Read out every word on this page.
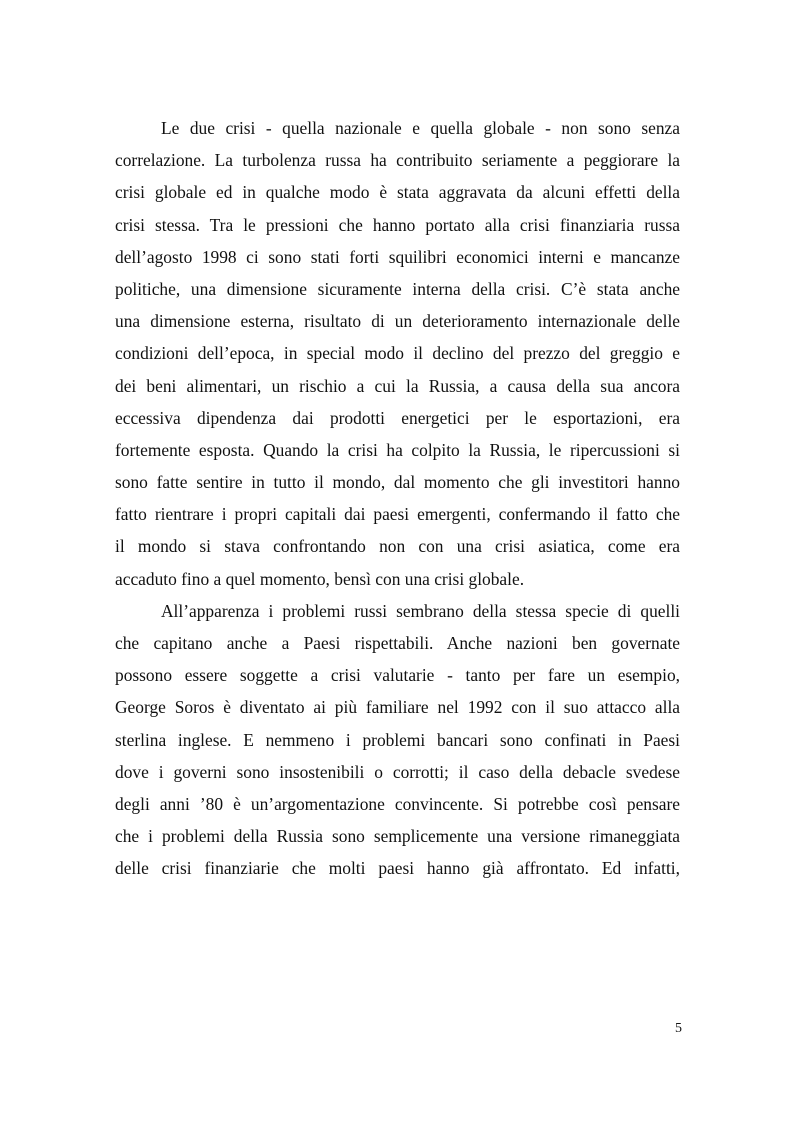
Le due crisi - quella nazionale e quella globale - non sono senza
correlazione. La turbolenza russa ha contribuito seriamente a peggiorare la
crisi globale ed in qualche modo è stata aggravata da alcuni effetti della
crisi stessa. Tra le pressioni che hanno portato alla crisi finanziaria russa
dell’agosto 1998 ci sono stati forti squilibri economici interni e mancanze
politiche, una dimensione sicuramente interna della crisi. C’è stata anche
una dimensione esterna, risultato di un deterioramento internazionale delle
condizioni dell’epoca, in special modo il declino del prezzo del greggio e
dei beni alimentari, un rischio a cui la Russia, a causa della sua ancora
eccessiva dipendenza dai prodotti energetici per le esportazioni, era
fortemente esposta. Quando la crisi ha colpito la Russia, le ripercussioni si
sono fatte sentire in tutto il mondo, dal momento che gli investitori hanno
fatto rientrare i propri capitali dai paesi emergenti, confermando il fatto che
il mondo si stava confrontando non con una crisi asiatica, come era
accaduto fino a quel momento, bensì con una crisi globale.
All’apparenza i problemi russi sembrano della stessa specie di quelli
che capitano anche a Paesi rispettabili. Anche nazioni ben governate
possono essere soggette a crisi valutarie - tanto per fare un esempio,
George Soros è diventato ai più familiare nel 1992 con il suo attacco alla
sterlina inglese. E nemmeno i problemi bancari sono confinati in Paesi
dove i governi sono insostenibili o corrotti; il caso della debacle svedese
degli anni ’80 è un’argomentazione convincente. Si potrebbe così pensare
che i problemi della Russia sono semplicemente una versione rimaneggiata
delle crisi finanziarie che molti paesi hanno già affrontato. Ed infatti,
5
